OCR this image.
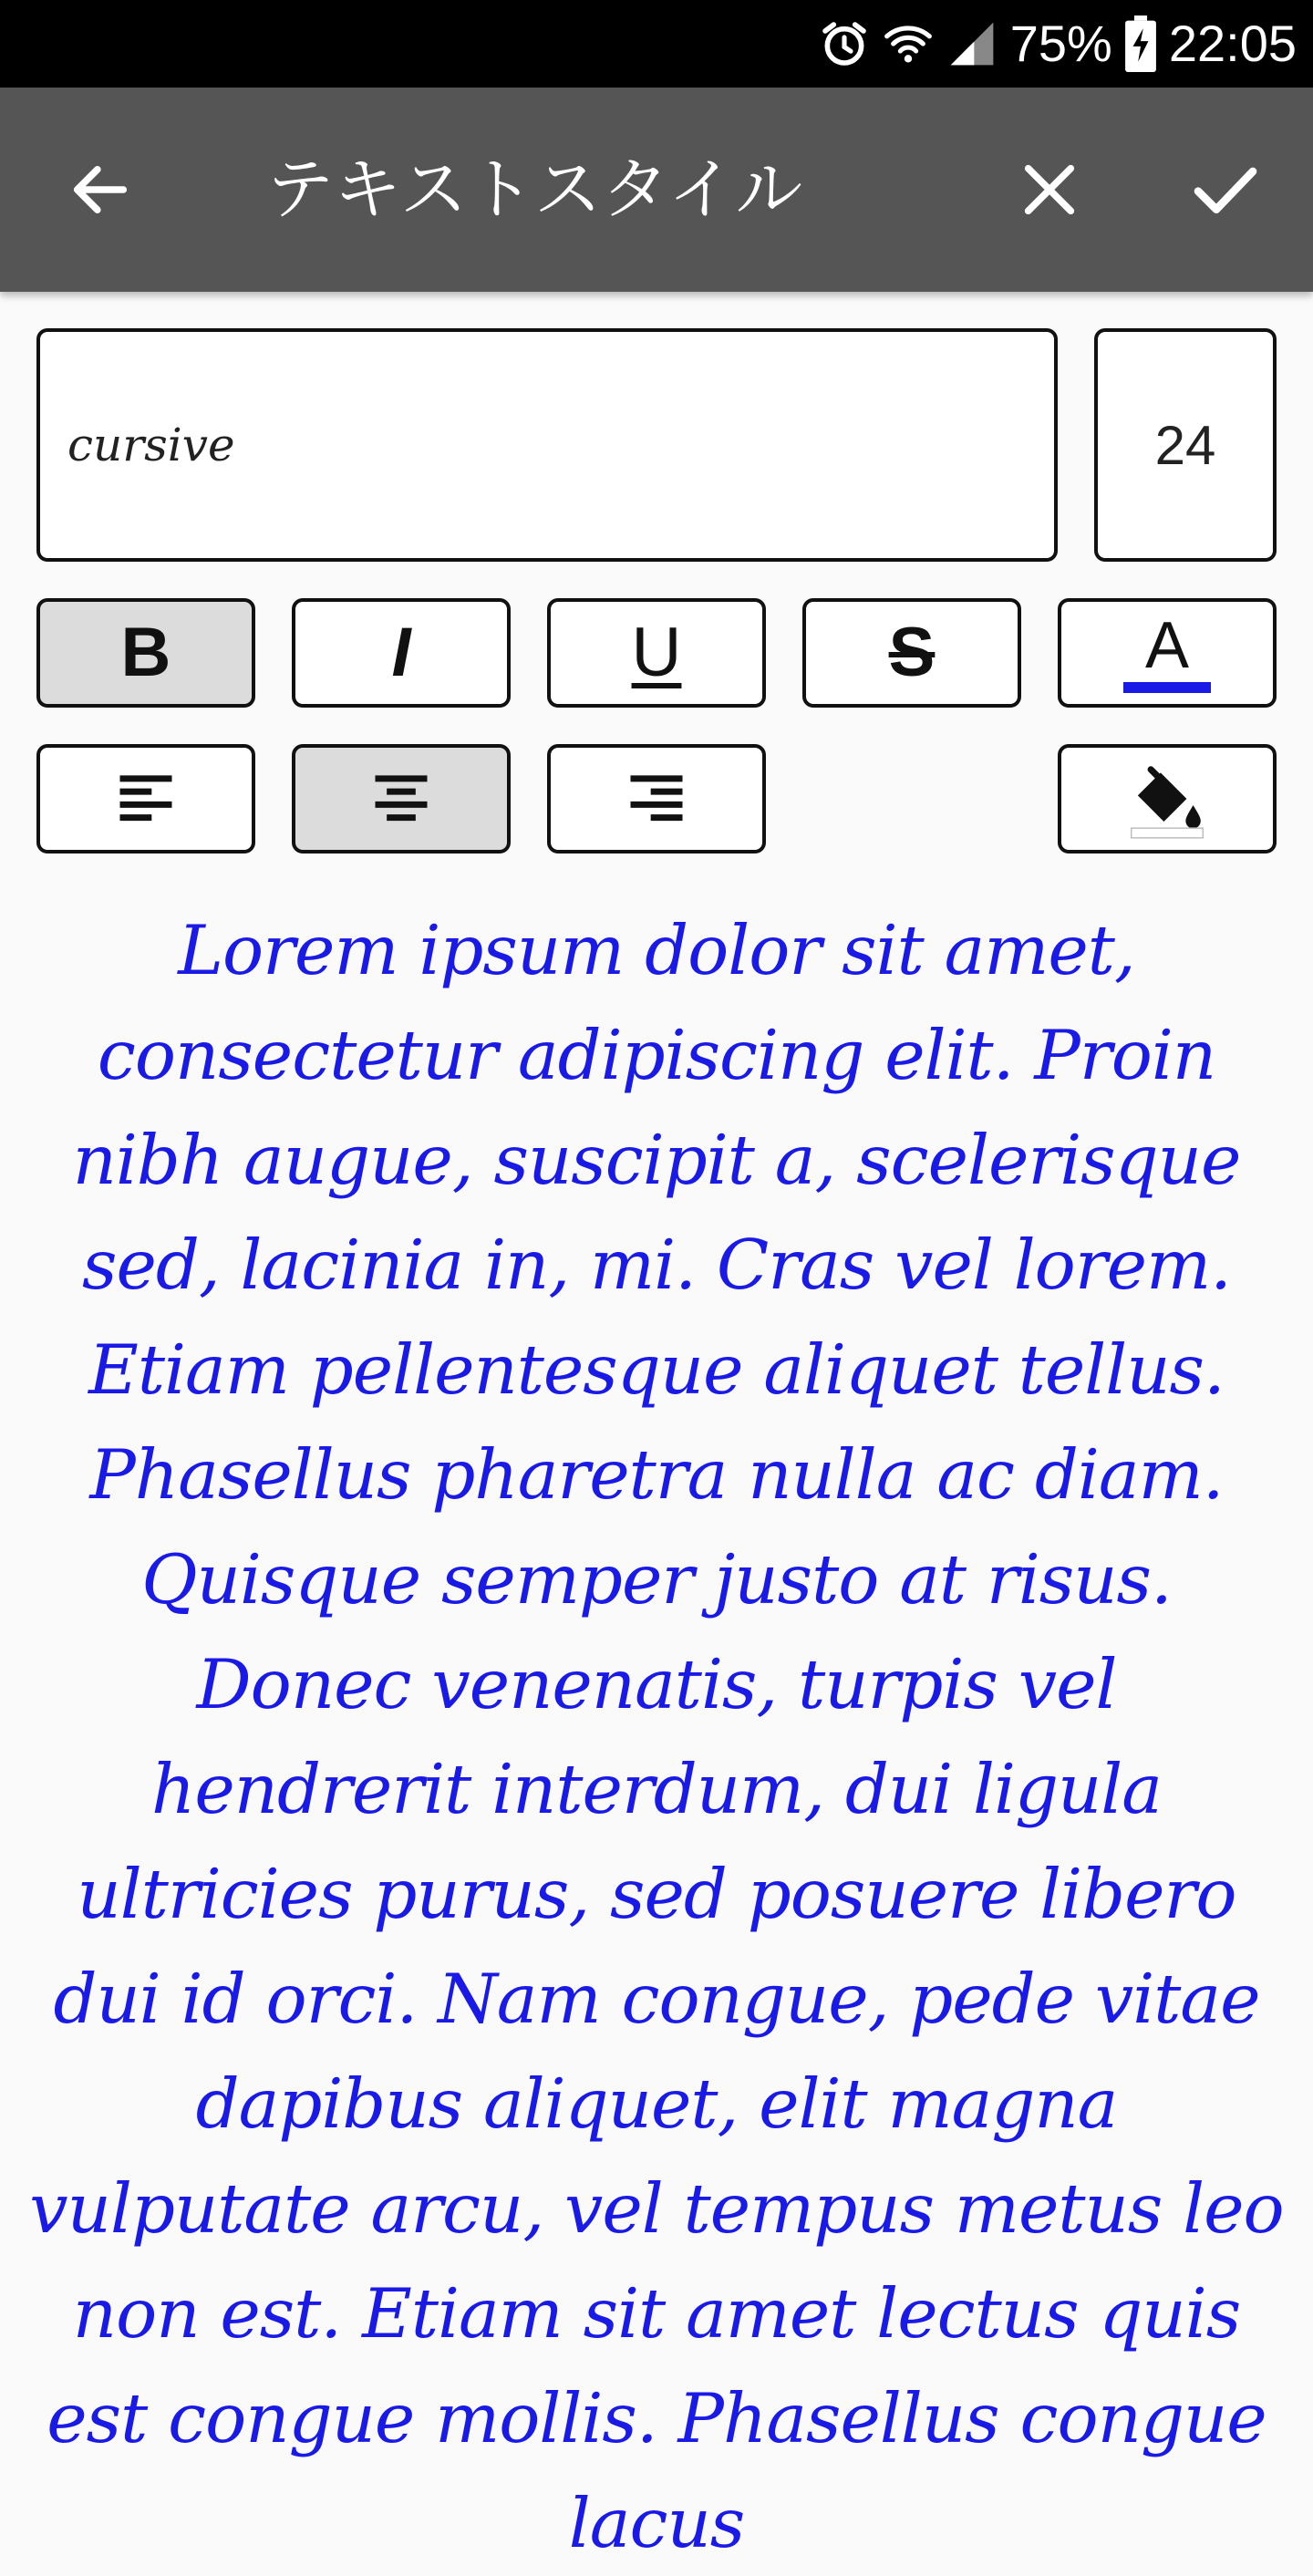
75% 22:05
テキストスタイル
cursive	24
B	I	U	S	A
Lorem ipsum dolor sit amet, consectetur adipiscing elit. Proin nibh augue, suscipit a, scelerisque sed, lacinia in, mi. Cras vel lorem. Etiam pellentesque aliquet tellus. Phasellus pharetra nulla ac diam. Quisque semper justo at risus. Donec venenatis, turpis vel hendrerit interdum, dui ligula ultricies purus, sed posuere libero dui id orci. Nam congue, pede vitae dapibus aliquet, elit magna vulputate arcu, vel tempus metus leo non est. Etiam sit amet lectus quis est congue mollis. Phasellus congue lacus
